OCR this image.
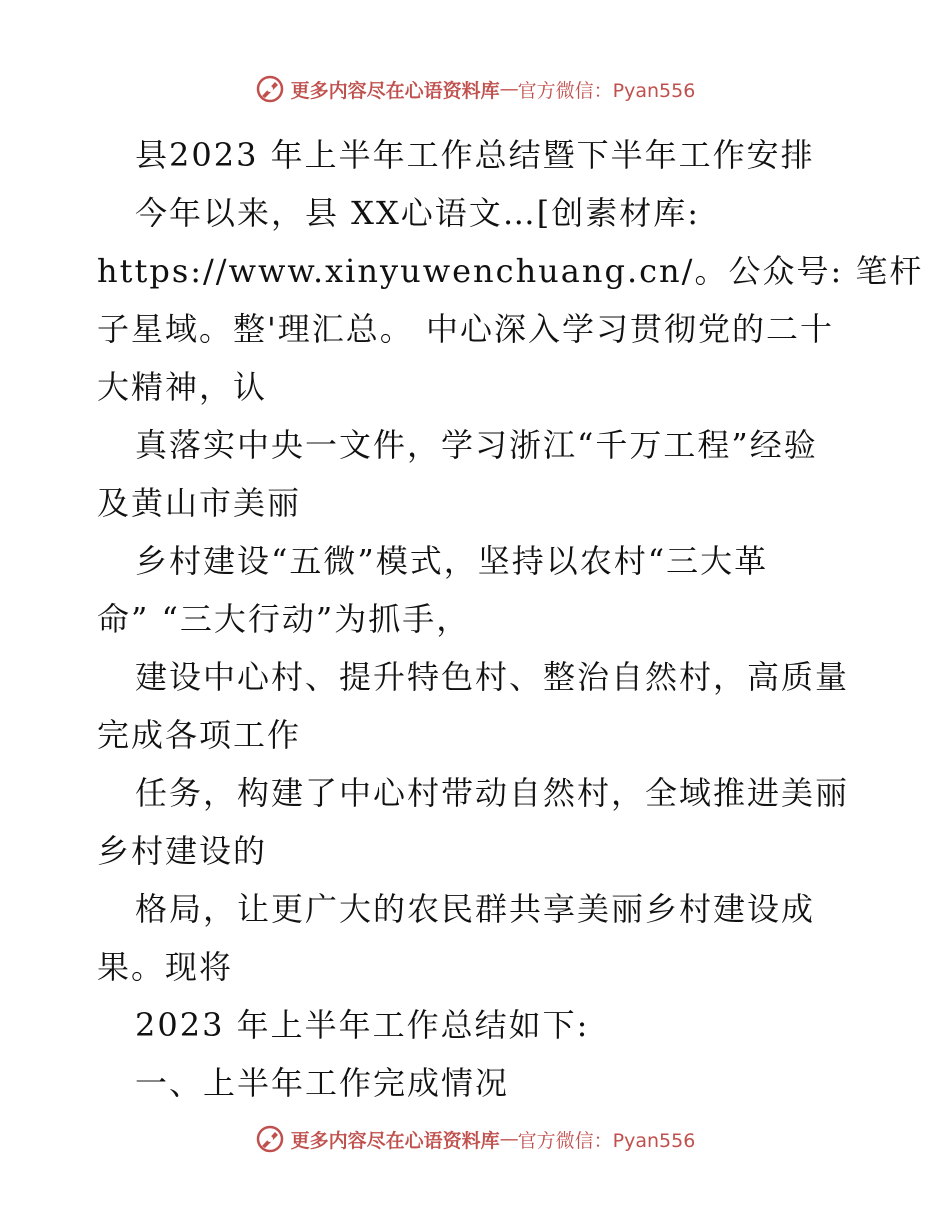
更多内容尽在心语资料库 — 官方微信：Pyan556
县2023 年上半年工作总结暨下半年工作安排
今年以来，县 XX心语文…[创素材库:
https://www.xinyuwenchuang.cn/。公众号: 笔杆
子星域。整'理汇总。 中心深入学习贯彻党的二十
大精神，认
真落实中央一文件，学习浙江“千万工程”经验
及黄山市美丽
乡村建设“五微”模式，坚持以农村“三大革
命” “三大行动”为抓手，
建设中心村、提升特色村、整治自然村，高质量
完成各项工作
任务，构建了中心村带动自然村，全域推进美丽
乡村建设的
格局，让更广大的农民群共享美丽乡村建设成
果。现将
2023 年上半年工作总结如下:
一、上半年工作完成情况
更多内容尽在心语资料库 — 官方微信：Pyan556
